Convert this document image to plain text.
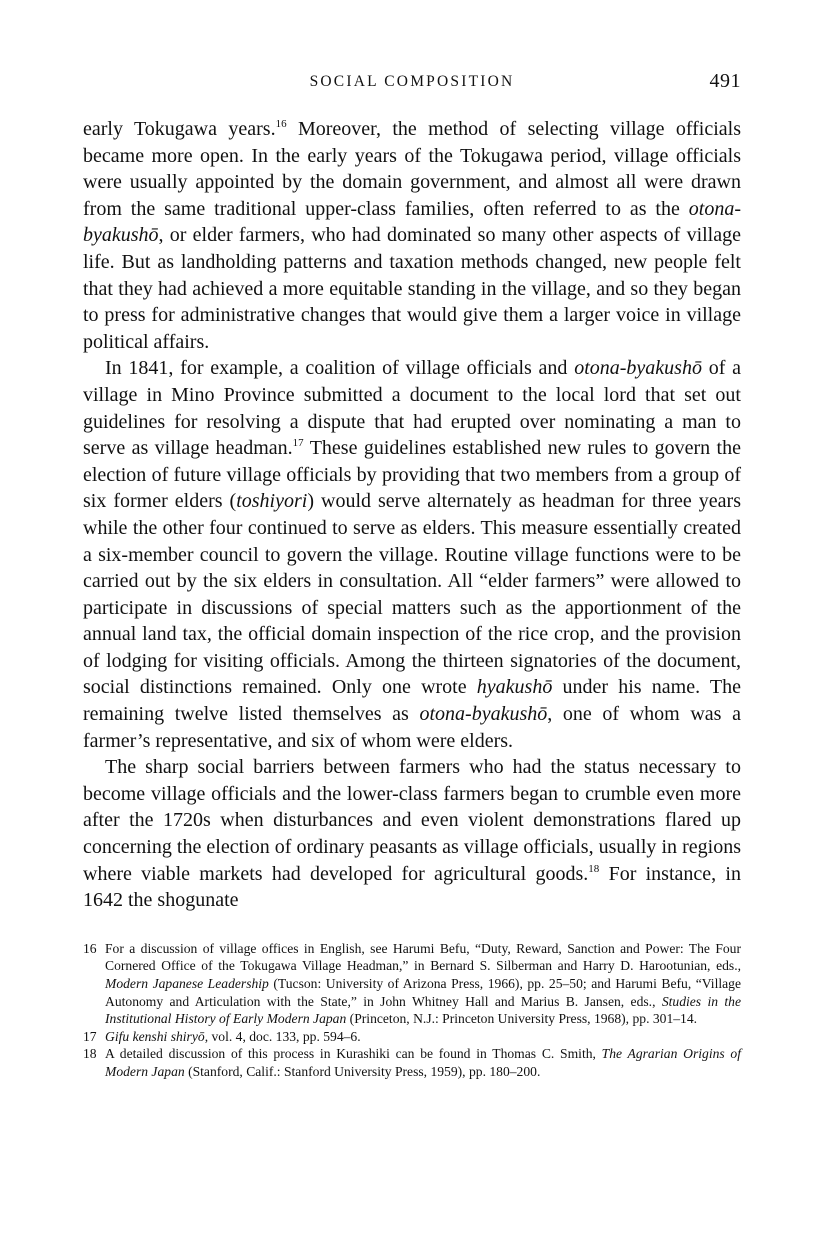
SOCIAL COMPOSITION	491

early Tokugawa years.$^{16}$ Moreover, the method of selecting village officials became more open. In the early years of the Tokugawa period, village officials were usually appointed by the domain government, and almost all were drawn from the same traditional upper-class families, often referred to as the otona-byakushō, or elder farmers, who had dominated so many other aspects of village life. But as landholding patterns and taxation methods changed, new people felt that they had achieved a more equitable standing in the village, and so they began to press for administrative changes that would give them a larger voice in village political affairs.

In 1841, for example, a coalition of village officials and otona-byakushō of a village in Mino Province submitted a document to the local lord that set out guidelines for resolving a dispute that had erupted over nominating a man to serve as village headman.$^{17}$ These guidelines established new rules to govern the election of future village officials by providing that two members from a group of six former elders (toshiyori) would serve alternately as headman for three years while the other four continued to serve as elders. This measure essentially created a six-member council to govern the village. Routine village functions were to be carried out by the six elders in consultation. All “elder farmers” were allowed to participate in discussions of special matters such as the apportionment of the annual land tax, the official domain inspection of the rice crop, and the provision of lodging for visiting officials. Among the thirteen signatories of the document, social distinctions remained. Only one wrote hyakushō under his name. The remaining twelve listed themselves as otona-byakushō, one of whom was a farmer’s representative, and six of whom were elders.

The sharp social barriers between farmers who had the status necessary to become village officials and the lower-class farmers began to crumble even more after the 1720s when disturbances and even violent demonstrations flared up concerning the election of ordinary peasants as village officials, usually in regions where viable markets had developed for agricultural goods.$^{18}$ For instance, in 1642 the shogunate

16 For a discussion of village offices in English, see Harumi Befu, “Duty, Reward, Sanction and Power: The Four Cornered Office of the Tokugawa Village Headman,” in Bernard S. Silberman and Harry D. Harootunian, eds., Modern Japanese Leadership (Tucson: University of Arizona Press, 1966), pp. 25–50; and Harumi Befu, “Village Autonomy and Articulation with the State,” in John Whitney Hall and Marius B. Jansen, eds., Studies in the Institutional History of Early Modern Japan (Princeton, N.J.: Princeton University Press, 1968), pp. 301–14.
17 Gifu kenshi shiryō, vol. 4, doc. 133, pp. 594–6.
18 A detailed discussion of this process in Kurashiki can be found in Thomas C. Smith, The Agrarian Origins of Modern Japan (Stanford, Calif.: Stanford University Press, 1959), pp. 180–200.
